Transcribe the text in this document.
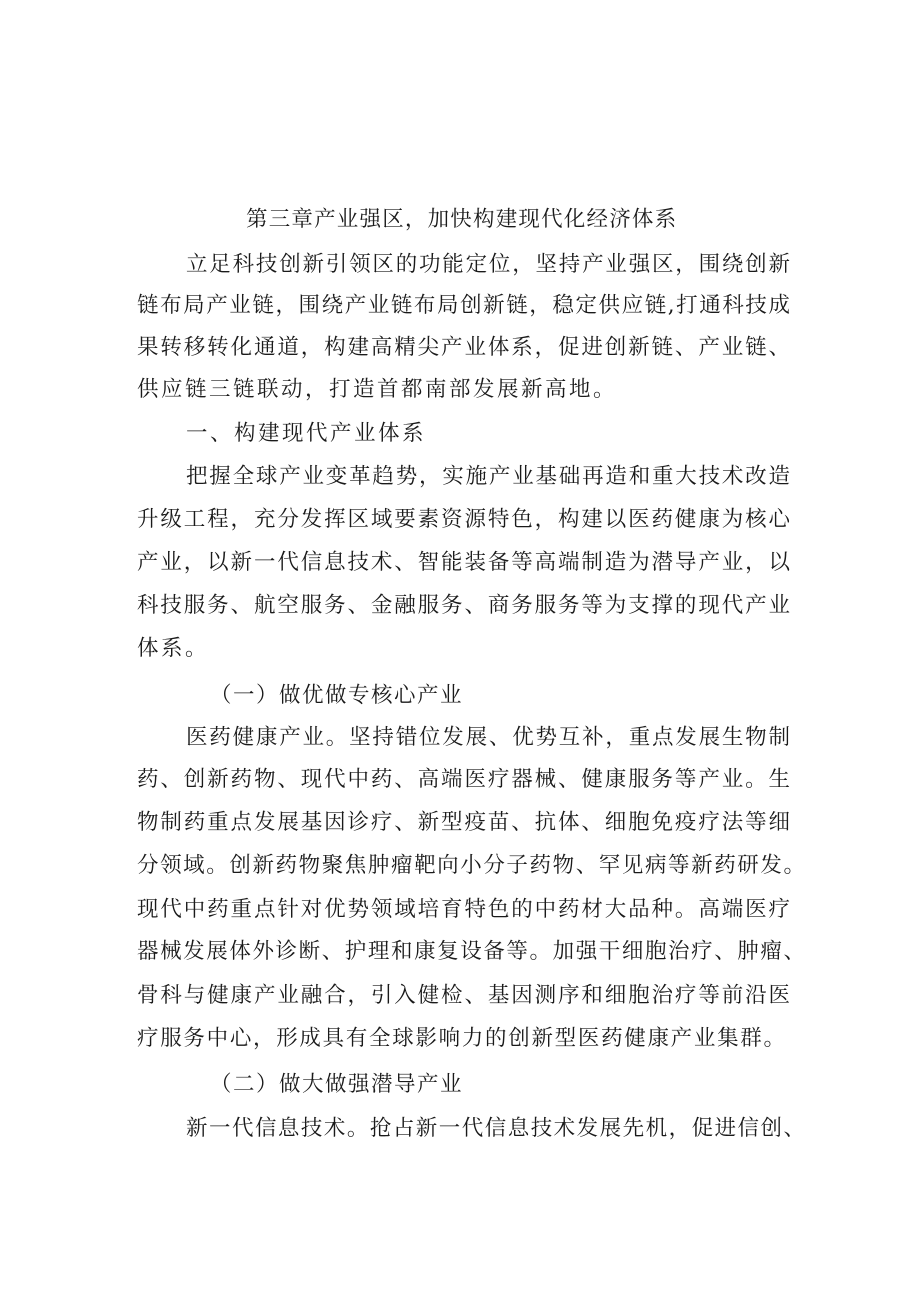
第三章产业强区，加快构建现代化经济体系
立足科技创新引领区的功能定位，坚持产业强区，围绕创新
链布局产业链，围绕产业链布局创新链，稳定供应链,打通科技成
果转移转化通道，构建高精尖产业体系，促进创新链、产业链、
供应链三链联动，打造首都南部发展新高地。
一、构建现代产业体系
把握全球产业变革趋势，实施产业基础再造和重大技术改造
升级工程，充分发挥区域要素资源特色，构建以医药健康为核心
产业，以新一代信息技术、智能装备等高端制造为潜导产业，以
科技服务、航空服务、金融服务、商务服务等为支撑的现代产业
体系。
（一）做优做专核心产业
医药健康产业。坚持错位发展、优势互补，重点发展生物制
药、创新药物、现代中药、高端医疗器械、健康服务等产业。生
物制药重点发展基因诊疗、新型疫苗、抗体、细胞免疫疗法等细
分领域。创新药物聚焦肿瘤靶向小分子药物、罕见病等新药研发。
现代中药重点针对优势领域培育特色的中药材大品种。高端医疗
器械发展体外诊断、护理和康复设备等。加强干细胞治疗、肿瘤、
骨科与健康产业融合，引入健检、基因测序和细胞治疗等前沿医
疗服务中心，形成具有全球影响力的创新型医药健康产业集群。
（二）做大做强潜导产业
新一代信息技术。抢占新一代信息技术发展先机，促进信创、
